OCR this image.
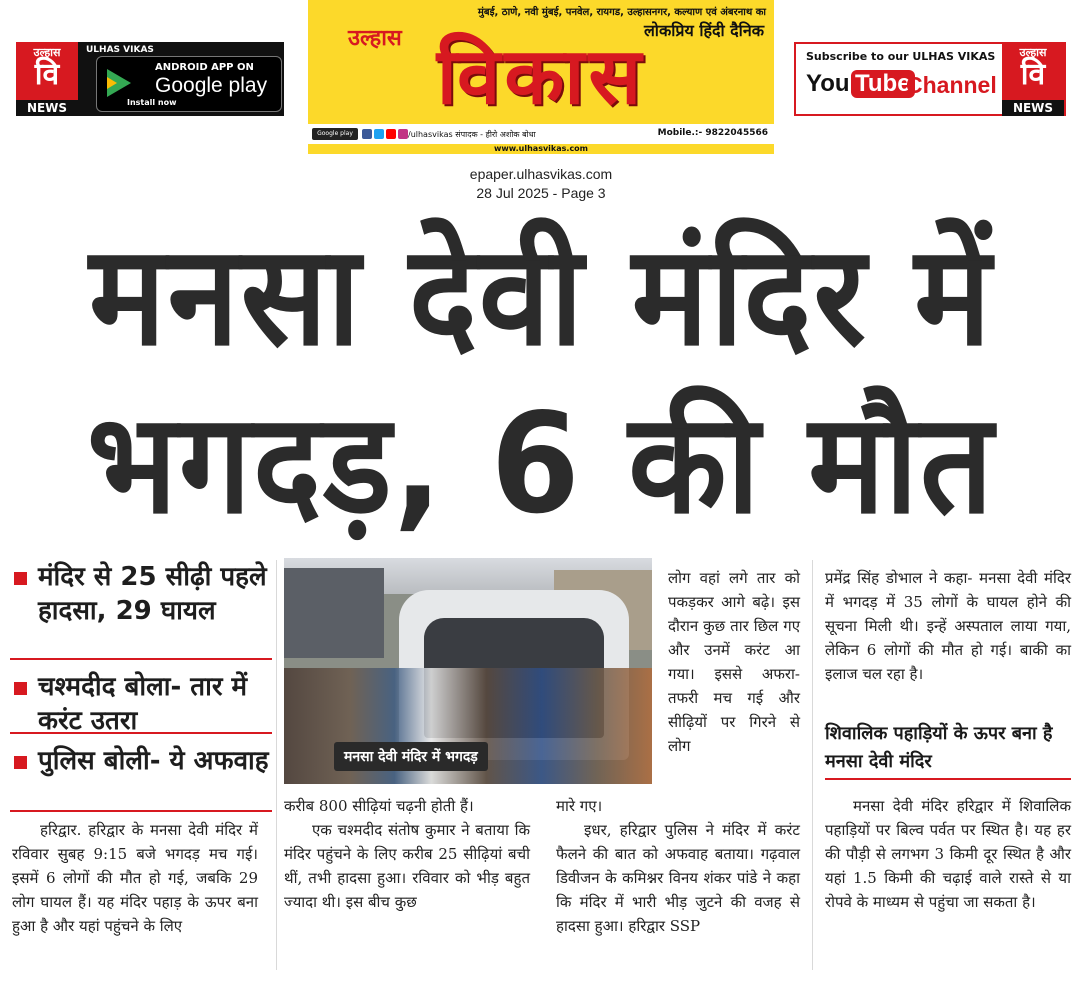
उल्हास
वि
NEWS
ULHAS VIKAS
ANDROID APP ON
Google play
Install now
मुंबई, ठाणे, नवी मुंबई, पनवेल, रायगड, उल्हासनगर, कल्याण एवं अंबरनाथ का
लोकप्रिय हिंदी दैनिक
उल्हास विकास
Google play	/ulhasvikas संपादक - हीरो अशोक बोधा	Mobile.:- 9822045566
www.ulhasvikas.com
Subscribe to our ULHAS VIKAS
You Tube
Channel
उल्हास
वि
NEWS
epaper.ulhasvikas.com
28 Jul 2025 - Page 3
मनसा देवी मंदिर में
भगदड़, 6 की मौत
मंदिर से 25 सीढ़ी पहले हादसा, 29 घायल
चश्मदीद बोला- तार में करंट उतरा
पुलिस बोली- ये अफवाह	मनसा देवी मंदिर में भगदड़
हरिद्वार. हरिद्वार के मनसा देवी मंदिर में रविवार सुबह 9:15 बजे भगदड़ मच गई। इसमें 6 लोगों की मौत हो गई, जबकि 29 लोग घायल हैं। यह मंदिर पहाड़ के ऊपर बना हुआ है और यहां पहुंचने के लिए
करीब 800 सीढ़ियां चढ़नी होती हैं।
एक चश्मदीद संतोष कुमार ने बताया कि मंदिर पहुंचने के लिए करीब 25 सीढ़ियां बची थीं, तभी हादसा हुआ। रविवार को भीड़ बहुत ज्यादा थी। इस बीच कुछ
लोग वहां लगे तार को पकड़कर आगे बढ़े। इस दौरान कुछ तार छिल गए और उनमें करंट आ गया। इससे अफरा-तफरी मच गई और सीढ़ियों पर गिरने से लोग
मारे गए।
इधर, हरिद्वार पुलिस ने मंदिर में करंट फैलने की बात को अफवाह बताया। गढ़वाल डिवीजन के कमिश्नर विनय शंकर पांडे ने कहा कि मंदिर में भारी भीड़ जुटने की वजह से हादसा हुआ। हरिद्वार SSP
प्रमेंद्र सिंह डोभाल ने कहा- मनसा देवी मंदिर में भगदड़ में 35 लोगों के घायल होने की सूचना मिली थी। इन्हें अस्पताल लाया गया, लेकिन 6 लोगों की मौत हो गई। बाकी का इलाज चल रहा है।
शिवालिक पहाड़ियों के ऊपर बना है मनसा देवी मंदिर
मनसा देवी मंदिर हरिद्वार में शिवालिक पहाड़ियों पर बिल्व पर्वत पर स्थित है। यह हर की पौड़ी से लगभग 3 किमी दूर स्थित है और यहां 1.5 किमी की चढ़ाई वाले रास्ते से या रोपवे के माध्यम से पहुंचा जा सकता है।
